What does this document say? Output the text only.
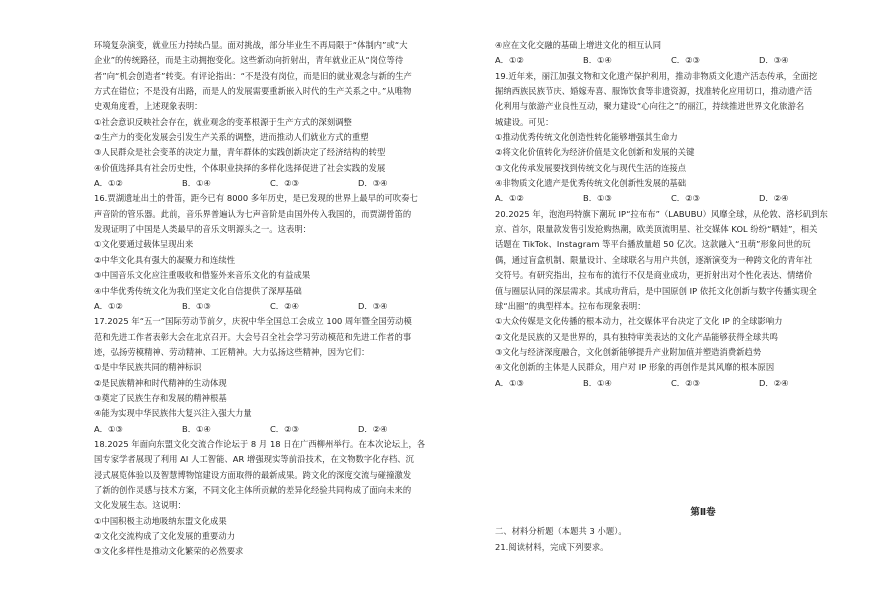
环境复杂演变，就业压力持续凸显。面对挑战，部分毕业生不再局限于“体制内”或“大
企业”的传统路径，而是主动拥抱变化。这些新动向折射出，青年就业正从“岗位等待
者”向“机会创造者”转变。有评论指出：“不是没有岗位，而是旧的就业观念与新的生产
方式在错位；不是没有出路，而是人的发展需要重新嵌入时代的生产关系之中。”从唯物
史观角度看，上述现象表明：
①社会意识反映社会存在，就业观念的变革根源于生产方式的深刻调整
②生产力的变化发展会引发生产关系的调整，进而推动人们就业方式的重塑
③人民群众是社会变革的决定力量，青年群体的实践创新决定了经济结构的转型
④价值选择具有社会历史性，个体职业抉择的多样化选择促进了社会实践的发展
A．①②	B．①④	C．②③	D．③④
16.贾湖遗址出土的骨笛，距今已有 8000 多年历史，是已发现的世界上最早的可吹奏七
声音阶的管乐器。此前，音乐界普遍认为七声音阶是由国外传入我国的，而贾湖骨笛的
发现证明了中国是人类最早的音乐文明源头之一。这表明：
①文化要通过载体呈现出来
②中华文化具有强大的凝聚力和连续性
③中国音乐文化应注重吸收和借鉴外来音乐文化的有益成果
④中华优秀传统文化为我们坚定文化自信提供了深厚基础
A．①②	B．①③	C．②④	D．③④
17.2025 年“五一”国际劳动节前夕，庆祝中华全国总工会成立 100 周年暨全国劳动模
范和先进工作者表彰大会在北京召开。大会号召全社会学习劳动模范和先进工作者的事
迹，弘扬劳模精神、劳动精神、工匠精神。大力弘扬这些精神，因为它们：
①是中华民族共同的精神标识
②是民族精神和时代精神的生动体现
③奠定了民族生存和发展的精神根基
④能为实现中华民族伟大复兴注入强大力量
A．①③	B．①④	C．②③	D．②④
18.2025 年面向东盟文化交流合作论坛于 8 月 18 日在广西柳州举行。在本次论坛上，各
国专家学者展现了利用 AI 人工智能、AR 增强现实等前沿技术，在文物数字化存档、沉
浸式展览体验以及智慧博物馆建设方面取得的最新成果。跨文化的深度交流与碰撞激发
了新的创作灵感与技术方案，不同文化主体所贡献的差异化经验共同构成了面向未来的
文化发展生态。这说明：
①中国积极主动地吸纳东盟文化成果
②文化交流构成了文化发展的重要动力
③文化多样性是推动文化繁荣的必然要求
④应在文化交融的基础上增进文化的相互认同
A．①②	B．①④	C．②③	D．③④
19.近年来，丽江加强文物和文化遗产保护利用，推动非物质文化遗产活态传承，全面挖
掘纳西族民族节庆、婚嫁寿喜、服饰饮食等非遗资源，找准转化应用切口，推动遗产活
化利用与旅游产业良性互动，聚力建设“心向往之”的丽江，持续推进世界文化旅游名
城建设。可见：
①推动优秀传统文化创造性转化能够增强其生命力
②将文化价值转化为经济价值是文化创新和发展的关键
③文化传承发展要找到传统文化与现代生活的连接点
④非物质文化遗产是优秀传统文化创新性发展的基础
A．①②	B．①③	C．②③	D．②④
20.2025 年，泡泡玛特旗下潮玩 IP“拉布布”（LABUBU）风靡全球，从伦敦、洛杉矶到东
京、首尔，限量款发售引发抢购热潮，欧美顶流明星、社交媒体 KOL 纷纷“晒娃”，相关
话题在 TikTok、Instagram 等平台播放量超 50 亿次。这款融入“丑萌”形象问世的玩
偶，通过盲盒机制、限量设计、全球联名与用户共创，逐渐演变为一种跨文化的青年社
交符号。有研究指出，拉布布的流行不仅是商业成功，更折射出对个性化表达、情绪价
值与圈层认同的深层需求。其成功背后，是中国原创 IP 依托文化创新与数字传播实现全
球“出圈”的典型样本。拉布布现象表明：
①大众传媒是文化传播的根本动力，社交媒体平台决定了文化 IP 的全球影响力
②文化是民族的又是世界的，具有独特审美表达的文化产品能够获得全球共鸣
③文化与经济深度融合，文化创新能够提升产业附加值并塑造消费新趋势
④文化创新的主体是人民群众，用户对 IP 形象的再创作是其风靡的根本原因
A．①③	B．①④	C．②③	D．②④
第Ⅱ卷
二、材料分析题（本题共 3 小题）。
21.阅读材料，完成下列要求。
